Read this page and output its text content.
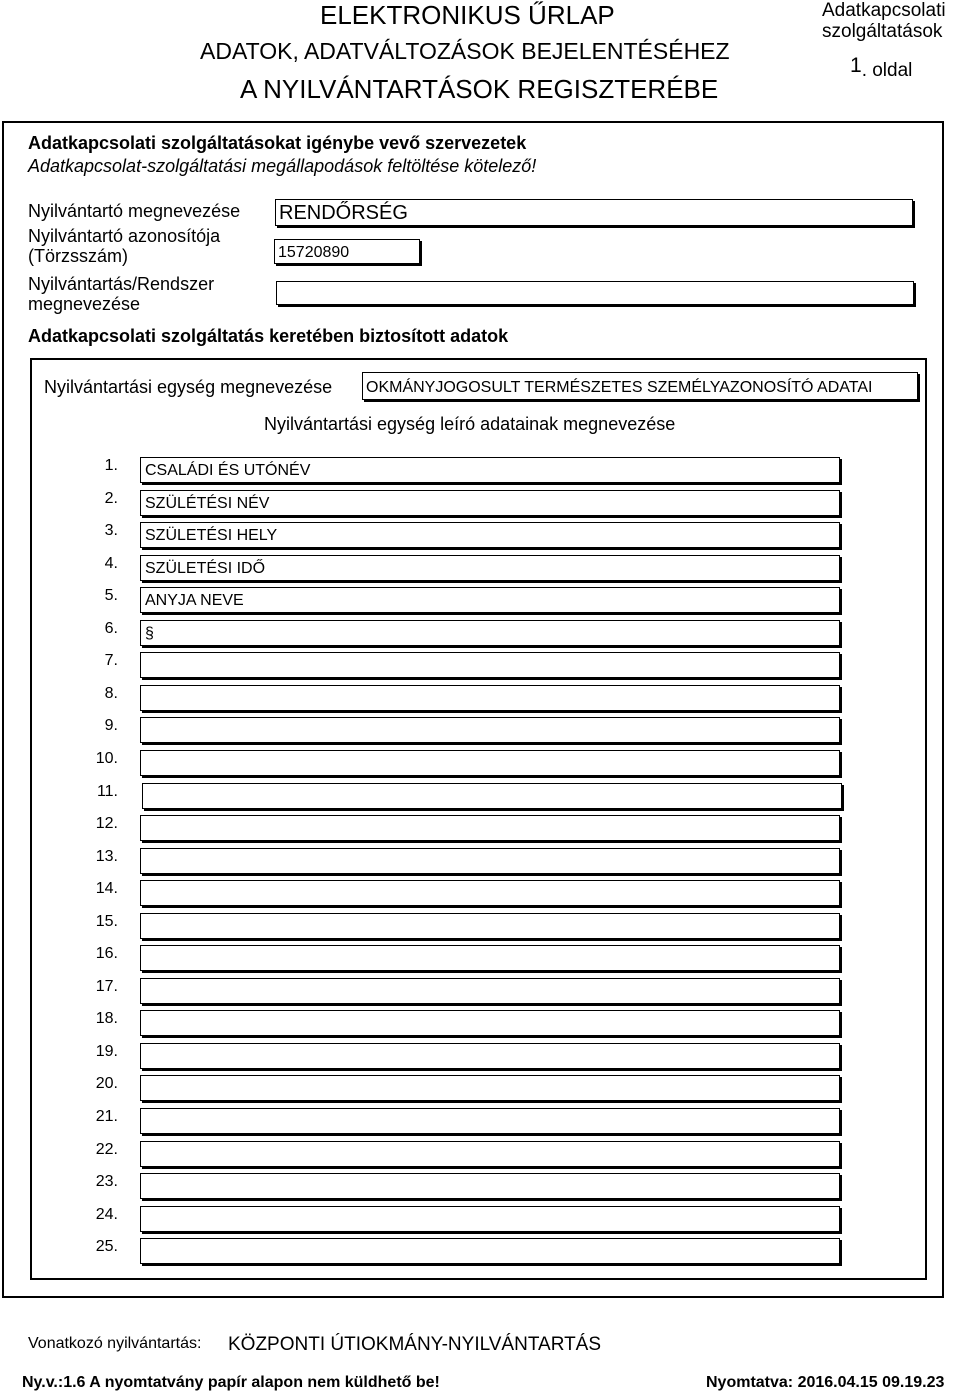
ELEKTRONIKUS ŰRLAP
ADATOK, ADATVÁLTOZÁSOK BEJELENTÉSÉHEZ
A NYILVÁNTARTÁSOK REGISZTERÉBE
Adatkapcsolati
szolgáltatások
1. oldal
Adatkapcsolati szolgáltatásokat igénybe vevő szervezetek
Adatkapcsolat-szolgáltatási megállapodások feltöltése kötelező!
Nyilvántartó megnevezése RENDŐRSÉG
Nyilvántartó azonosítója
(Törzsszám)	15720890
Nyilvántartás/Rendszer
megnevezése
Adatkapcsolati szolgáltatás keretében biztosított adatok
Nyilvántartási egység megnevezése OKMÁNYJOGOSULT TERMÉSZETES SZEMÉLYAZONOSÍTÓ ADATAI
Nyilvántartási egység leíró adatainak megnevezése
1.	CSALÁDI ÉS UTÓNÉV
2.	SZÜLÉTÉSI NÉV
3.	SZÜLETÉSI HELY
4.	SZÜLETÉSI IDŐ
5.	ANYJA NEVE
6.	§
7.
8.
9.
10.
11.
12.
13.
14.
15.
16.
17.
18.
19.
20.
21.
22.
23.
24.
25.
Vonatkozó nyilvántartás: KÖZPONTI ÚTIOKMÁNY-NYILVÁNTARTÁS
Ny.v.:1.6 A nyomtatvány papír alapon nem küldhető be!	Nyomtatva: 2016.04.15 09.19.23
